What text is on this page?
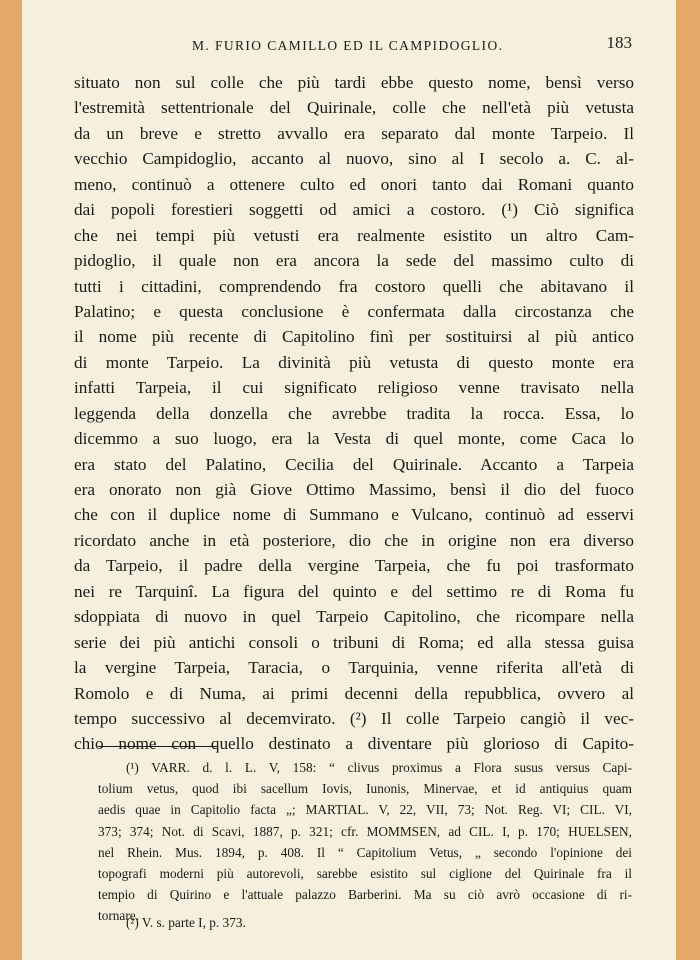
M. FURIO CAMILLO ED IL CAMPIDOGLIO.	183
situato non sul colle che più tardi ebbe questo nome, bensì verso
l'estremità settentrionale del Quirinale, colle che nell'età più vetusta
da un breve e stretto avvallo era separato dal monte Tarpeio. Il
vecchio Campidoglio, accanto al nuovo, sino al I secolo a. C. al-
meno, continuò a ottenere culto ed onori tanto dai Romani quanto
dai popoli forestieri soggetti od amici a costoro. (¹) Ciò significa
che nei tempi più vetusti era realmente esistito un altro Cam-
pidoglio, il quale non era ancora la sede del massimo culto di
tutti i cittadini, comprendendo fra costoro quelli che abitavano il
Palatino; e questa conclusione è confermata dalla circostanza che
il nome più recente di Capitolino finì per sostituirsi al più antico
di monte Tarpeio. La divinità più vetusta di questo monte era
infatti Tarpeia, il cui significato religioso venne travisato nella
leggenda della donzella che avrebbe tradita la rocca. Essa, lo
dicemmo a suo luogo, era la Vesta di quel monte, come Caca lo
era stato del Palatino, Cecilia del Quirinale. Accanto a Tarpeia
era onorato non già Giove Ottimo Massimo, bensì il dio del fuoco
che con il duplice nome di Summano e Vulcano, continuò ad esservi
ricordato anche in età posteriore, dio che in origine non era diverso
da Tarpeio, il padre della vergine Tarpeia, che fu poi trasformato
nei re Tarquinî. La figura del quinto e del settimo re di Roma fu
sdoppiata di nuovo in quel Tarpeio Capitolino, che ricompare nella
serie dei più antichi consoli o tribuni di Roma; ed alla stessa guisa
la vergine Tarpeia, Taracia, o Tarquinia, venne riferita all'età di
Romolo e di Numa, ai primi decenni della repubblica, ovvero al
tempo successivo al decemvirato. (²) Il colle Tarpeio cangiò il vec-
chio nome con quello destinato a diventare più glorioso di Capito-
(¹) VARR. d. l. L. V, 158: “ clivus proximus a Flora susus versus Capi-
tolium vetus, quod ibi sacellum Iovis, Iunonis, Minervae, et id antiquius quam
aedis quae in Capitolio facta „; MARTIAL. V, 22, VII, 73; Not. Reg. VI; CIL. VI,
373; 374; Not. di Scavi, 1887, p. 321; cfr. MOMMSEN, ad CIL. I, p. 170; HUELSEN,
nel Rhein. Mus. 1894, p. 408. Il “ Capitolium Vetus, „ secondo l'opinione dei
topografi moderni più autorevoli, sarebbe esistito sul ciglione del Quirinale fra il
tempio di Quirino e l'attuale palazzo Barberini. Ma su ciò avrò occasione di ri-
tornare.
(²) V. s. parte I, p. 373.
